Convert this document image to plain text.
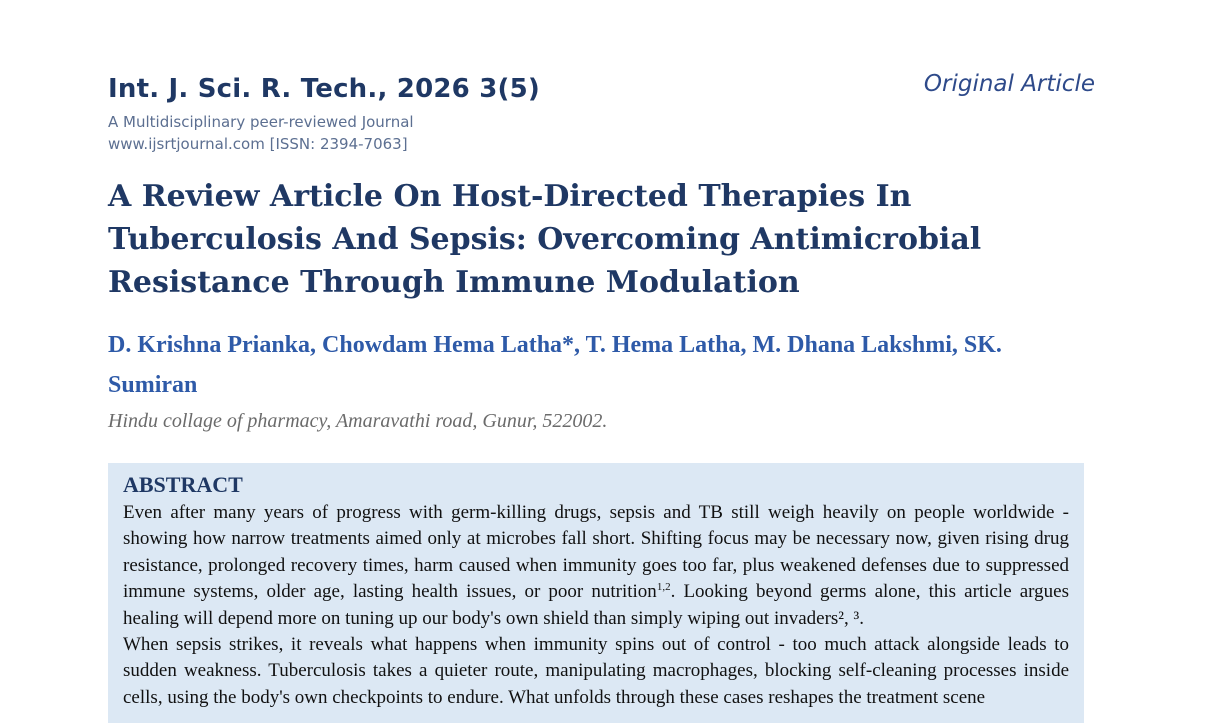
Int. J. Sci. R. Tech., 2026 3(5)	Original Article
A Multidisciplinary peer-reviewed Journal
www.ijsrtjournal.com [ISSN: 2394-7063]
A Review Article On Host-Directed Therapies In Tuberculosis And Sepsis: Overcoming Antimicrobial Resistance Through Immune Modulation
D. Krishna Prianka, Chowdam Hema Latha*, T. Hema Latha, M. Dhana Lakshmi, SK. Sumiran
Hindu collage of pharmacy, Amaravathi road, Gunur, 522002.
ABSTRACT

Even after many years of progress with germ-killing drugs, sepsis and TB still weigh heavily on people worldwide - showing how narrow treatments aimed only at microbes fall short. Shifting focus may be necessary now, given rising drug resistance, prolonged recovery times, harm caused when immunity goes too far, plus weakened defenses due to suppressed immune systems, older age, lasting health issues, or poor nutrition$^{1,2}$. Looking beyond germs alone, this article argues healing will depend more on tuning up our body's own shield than simply wiping out invaders², ³.

When sepsis strikes, it reveals what happens when immunity spins out of control - too much attack alongside leads to sudden weakness. Tuberculosis takes a quieter route, manipulating macrophages, blocking self-cleaning processes inside cells, using the body's own checkpoints to endure. What unfolds through these cases reshapes the treatment scene
